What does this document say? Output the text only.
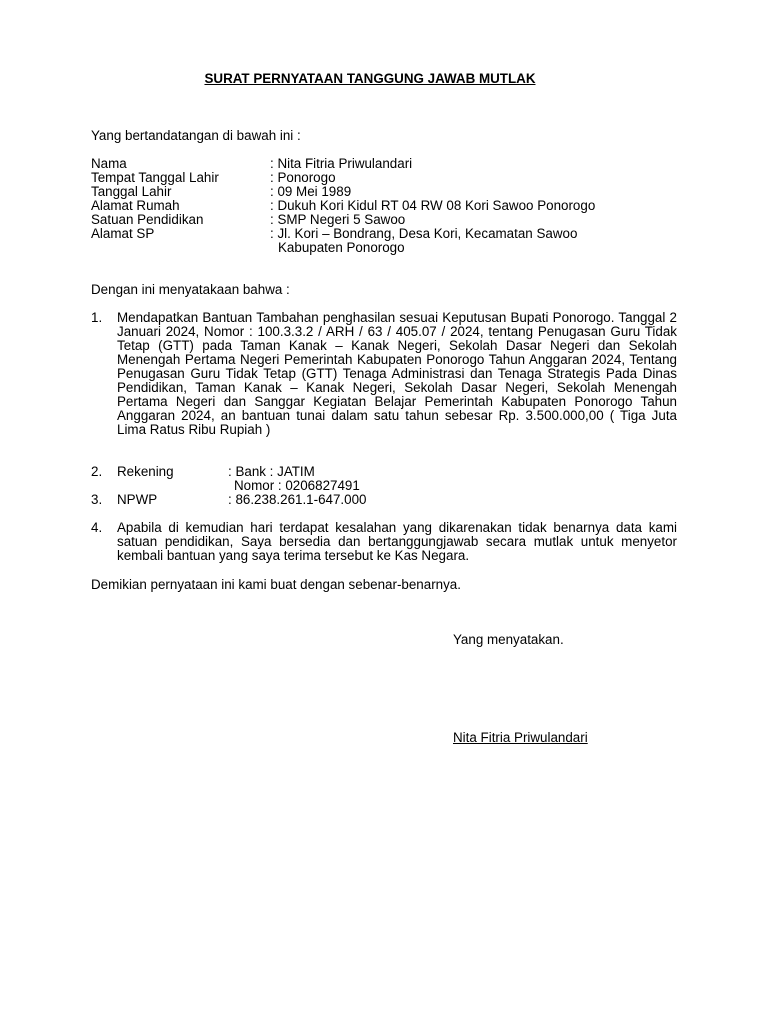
SURAT PERNYATAAN TANGGUNG JAWAB MUTLAK
Yang bertandatangan di bawah ini :
Nama	: Nita Fitria Priwulandari
Tempat Tanggal Lahir	: Ponorogo
Tanggal Lahir	: 09 Mei 1989
Alamat Rumah	: Dukuh Kori Kidul RT 04 RW 08 Kori Sawoo Ponorogo
Satuan Pendidikan	: SMP Negeri 5 Sawoo
Alamat SP	: Jl. Kori – Bondrang, Desa Kori, Kecamatan Sawoo
Kabupaten Ponorogo
Dengan ini menyatakaan bahwa :
1. Mendapatkan Bantuan Tambahan penghasilan sesuai Keputusan Bupati Ponorogo. Tanggal 2 Januari 2024, Nomor : 100.3.3.2 / ARH / 63 / 405.07 / 2024, tentang Penugasan Guru Tidak Tetap (GTT) pada Taman Kanak – Kanak Negeri, Sekolah Dasar Negeri dan Sekolah Menengah Pertama Negeri Pemerintah Kabupaten Ponorogo Tahun Anggaran 2024, Tentang Penugasan Guru Tidak Tetap (GTT) Tenaga Administrasi dan Tenaga Strategis Pada Dinas Pendidikan, Taman Kanak – Kanak Negeri, Sekolah Dasar Negeri, Sekolah Menengah Pertama Negeri dan Sanggar Kegiatan Belajar Pemerintah Kabupaten Ponorogo Tahun Anggaran 2024, an bantuan tunai dalam satu tahun sebesar Rp. 3.500.000,00 ( Tiga Juta Lima Ratus Ribu Rupiah )
2. Rekening	: Bank : JATIM
Nomor : 0206827491
3. NPWP	: 86.238.261.1-647.000
4. Apabila di kemudian hari terdapat kesalahan yang dikarenakan tidak benarnya data kami satuan pendidikan, Saya bersedia dan bertanggungjawab secara mutlak untuk menyetor kembali bantuan yang saya terima tersebut ke Kas Negara.
Demikian pernyataan ini kami buat dengan sebenar-benarnya.
Yang menyatakan.
Nita Fitria Priwulandari
